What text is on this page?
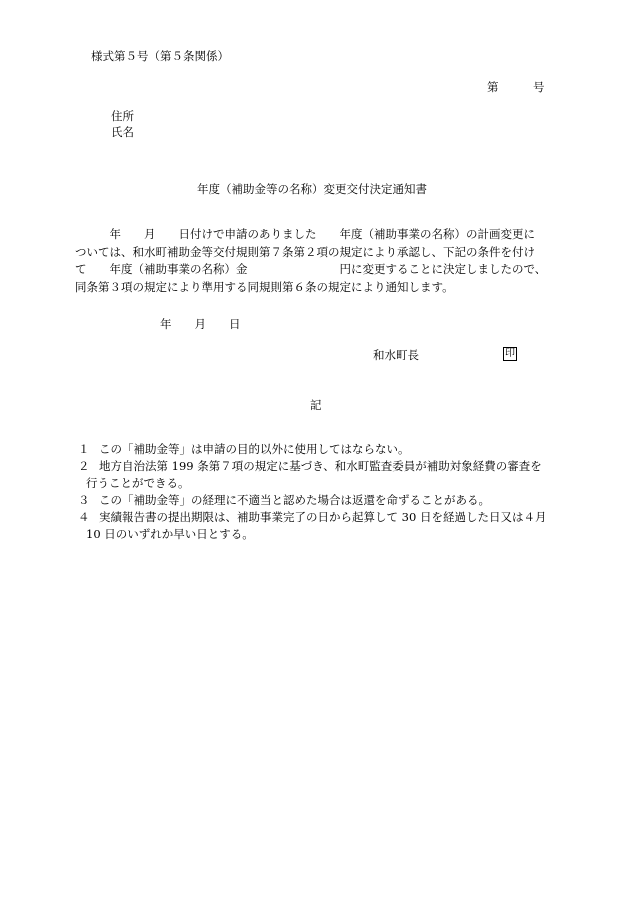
様式第５号（第５条関係）
第	号
住所
氏名
年度（補助金等の名称）変更交付決定通知書
　　　年　　月　　日付けで申請のありました　　年度（補助事業の名称）の計画変更に
ついては、和水町補助金等交付規則第７条第２項の規定により承認し、下記の条件を付け
て　　年度（補助事業の名称）金　　　　　　　　円に変更することに決定しましたので、
同条第３項の規定により準用する同規則第６条の規定により通知します。
年　　月　　日
和水町長	印
記
１ この「補助金等」は申請の目的以外に使用してはならない。
２ 地方自治法第 199 条第７項の規定に基づき、和水町監査委員が補助対象経費の審査を
行うことができる。
３ この「補助金等」の経理に不適当と認めた場合は返還を命ずることがある。
４ 実績報告書の提出期限は、補助事業完了の日から起算して 30 日を経過した日又は４月
10 日のいずれか早い日とする。
